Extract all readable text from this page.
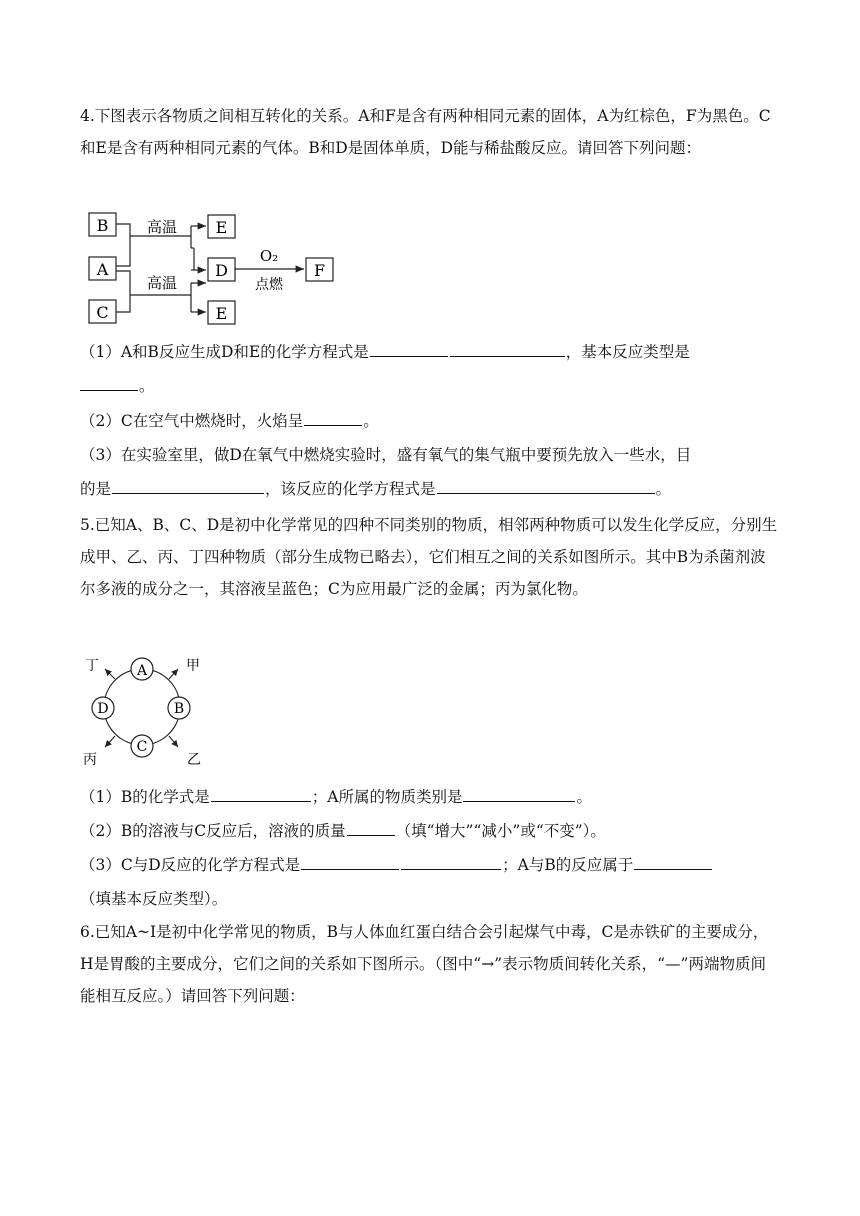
4.下图表示各物质之间相互转化的关系。A和F是含有两种相同元素的固体，A为红棕色，F为黑色。C和E是含有两种相同元素的气体。B和D是固体单质，D能与稀盐酸反应。请回答下列问题：

B
A
C
高温
高温
E
D
E
O₂
点燃
F
（1）A和B反应生成D和E的化学方程式是	，基本反应类型是
。
（2）C在空气中燃烧时，火焰呈	。
（3）在实验室里，做D在氧气中燃烧实验时，盛有氧气的集气瓶中要预先放入一些水，目
的是	，该反应的化学方程式是	。

5.已知A、B、C、D是初中化学常见的四种不同类别的物质，相邻两种物质可以发生化学反应，分别生成甲、乙、丙、丁四种物质（部分生成物已略去），它们相互之间的关系如图所示。其中B为杀菌剂波尔多液的成分之一，其溶液呈蓝色；C为应用最广泛的金属；丙为氯化物。

A
B
C
D
甲
乙
丙
丁
（1）B的化学式是	；A所属的物质类别是	。
（2）B的溶液与C反应后，溶液的质量	（填“增大”“减小”或“不变”）。
（3）C与D反应的化学方程式是	；A与B的反应属于
（填基本反应类型）。

6.已知A~I是初中化学常见的物质，B与人体血红蛋白结合会引起煤气中毒，C是赤铁矿的主要成分，H是胃酸的主要成分，它们之间的关系如下图所示。（图中“→”表示物质间转化关系，“—”两端物质间能相互反应。）请回答下列问题：
